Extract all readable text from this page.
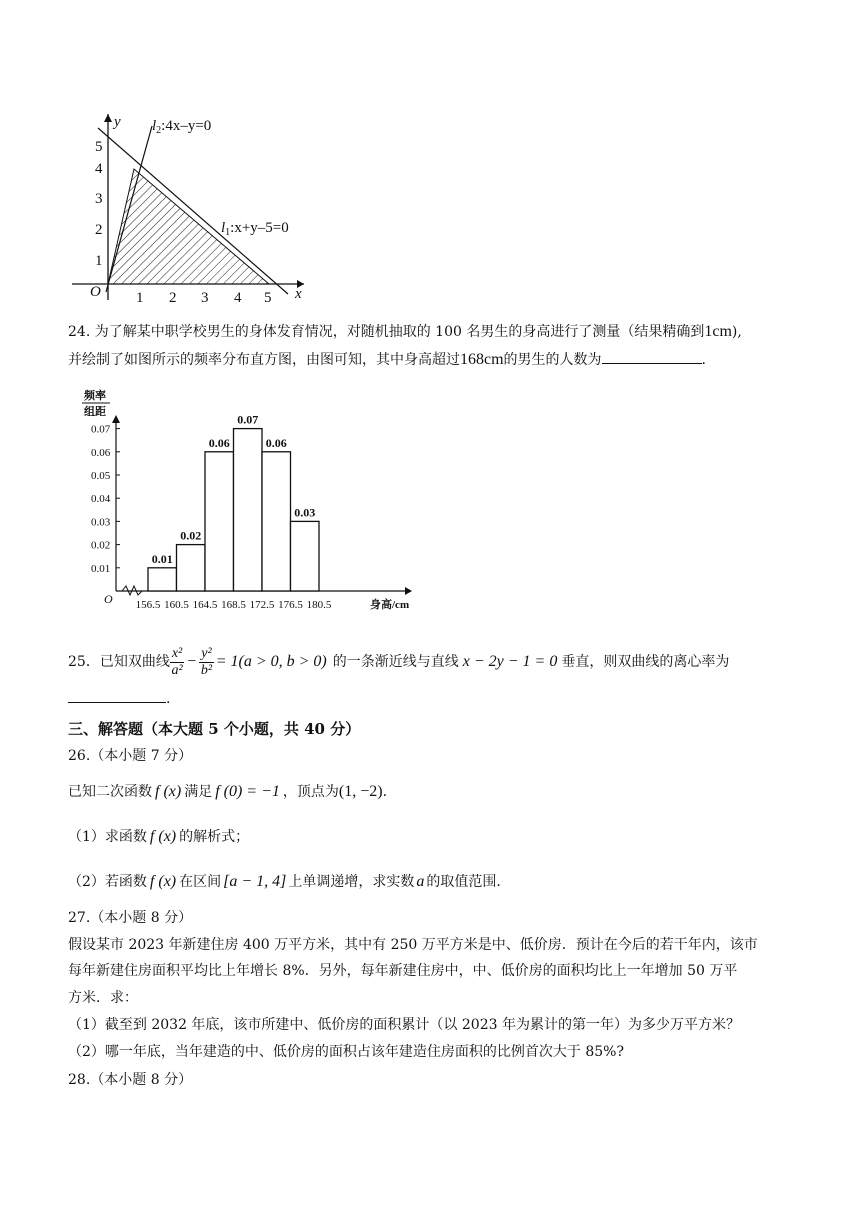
1 2 3 4 5
1
2
3
4
5
O	x
y $l_2:4x-y=0$
$l_1:x+y-5=0$
24. 为了解某中职学校男生的身体发育情况，对随机抽取的 100 名男生的身高进行了测量（结果精确到1cm),
并绘制了如图所示的频率分布直方图，由图可知，其中身高超过168cm的男生的人数为	.
O
0.01
0.02
0.03
0.04
0.05
0.06
0.07
频率
组距
0.01
0.02
0.06
0.07
0.06
0.03
156.5 160.5 164.5 168.5 172.5 176.5 180.5	身高/cm
25．已知双曲线 $\frac{\text{x²}}{\text{a²}} - \frac{\text{y²}}{\text{b²}} = 1(a > 0$, b > 0) 的一条渐近线与直线 x − 2y − 1 = 0 垂直，则双曲线的离心率为
.
三、解答题（本大题 5 个小题，共 40 分）
26.（本小题 7 分）
已知二次函数 f (x) 满足 f (0) = −1 ，顶点为(1, −2).
（1）求函数 f (x) 的解析式；
（2）若函数 f (x) 在区间 [a − 1, 4] 上单调递增，求实数 a 的取值范围.
27.（本小题 8 分）
假设某市 2023 年新建住房 400 万平方米，其中有 250 万平方米是中、低价房．预计在今后的若干年内，该市
每年新建住房面积平均比上年增长 8%．另外，每年新建住房中，中、低价房的面积均比上一年增加 50 万平
方米．求：
（1）截至到 2032 年底，该市所建中、低价房的面积累计（以 2023 年为累计的第一年）为多少万平方米？
（2）哪一年底，当年建造的中、低价房的面积占该年建造住房面积的比例首次大于 85%?
28.（本小题 8 分）
